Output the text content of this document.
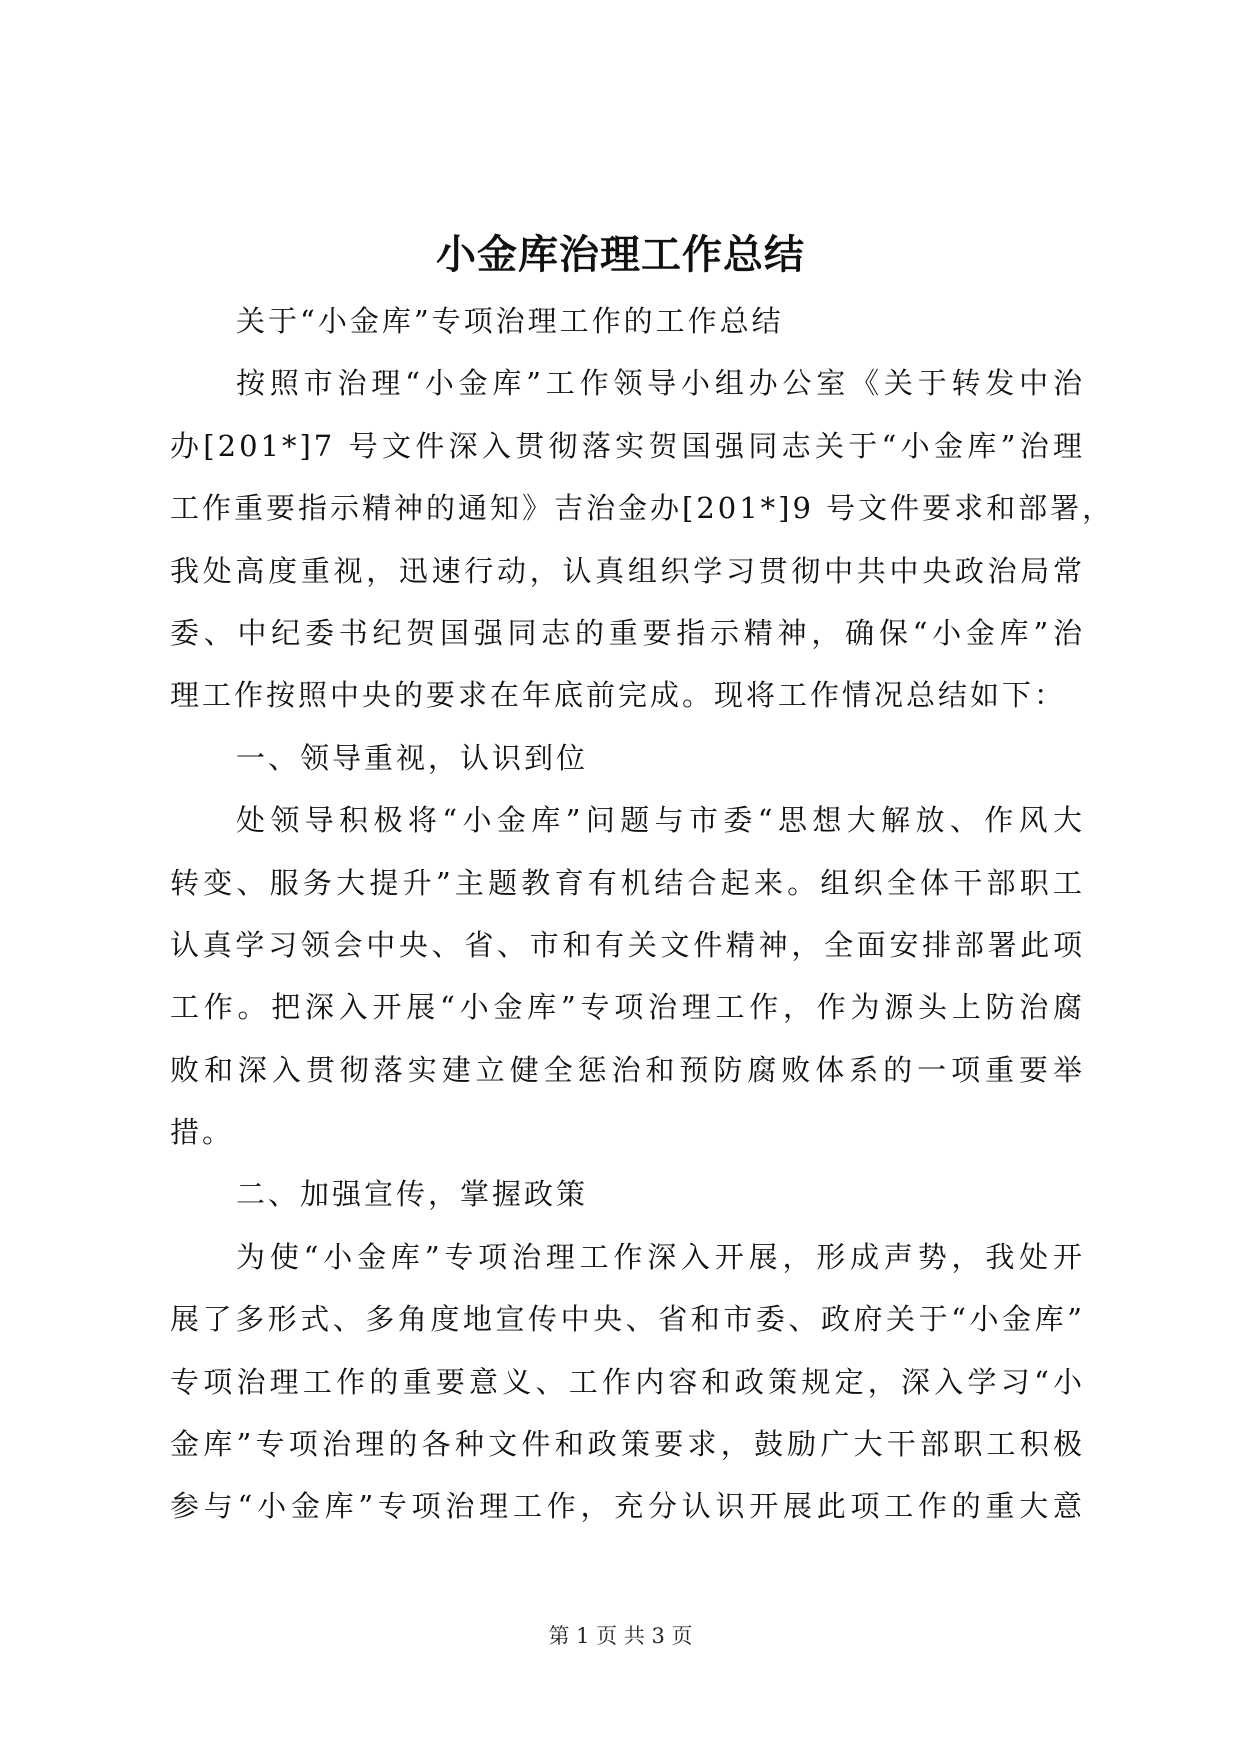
小金库治理工作总结
关于“小金库”专项治理工作的工作总结
按照市治理“小金库”工作领导小组办公室《关于转发中治
办[201*]7 号文件深入贯彻落实贺国强同志关于“小金库”治理
工作重要指示精神的通知》吉治金办[201*]9 号文件要求和部署，
我处高度重视，迅速行动，认真组织学习贯彻中共中央政治局常
委、中纪委书纪贺国强同志的重要指示精神，确保“小金库”治
理工作按照中央的要求在年底前完成。现将工作情况总结如下：
一、领导重视，认识到位
处领导积极将“小金库”问题与市委“思想大解放、作风大
转变、服务大提升”主题教育有机结合起来。组织全体干部职工
认真学习领会中央、省、市和有关文件精神，全面安排部署此项
工作。把深入开展“小金库”专项治理工作，作为源头上防治腐
败和深入贯彻落实建立健全惩治和预防腐败体系的一项重要举
措。
二、加强宣传，掌握政策
为使“小金库”专项治理工作深入开展，形成声势，我处开
展了多形式、多角度地宣传中央、省和市委、政府关于“小金库”
专项治理工作的重要意义、工作内容和政策规定，深入学习“小
金库”专项治理的各种文件和政策要求，鼓励广大干部职工积极
参与“小金库”专项治理工作，充分认识开展此项工作的重大意
第 1 页 共 3 页
